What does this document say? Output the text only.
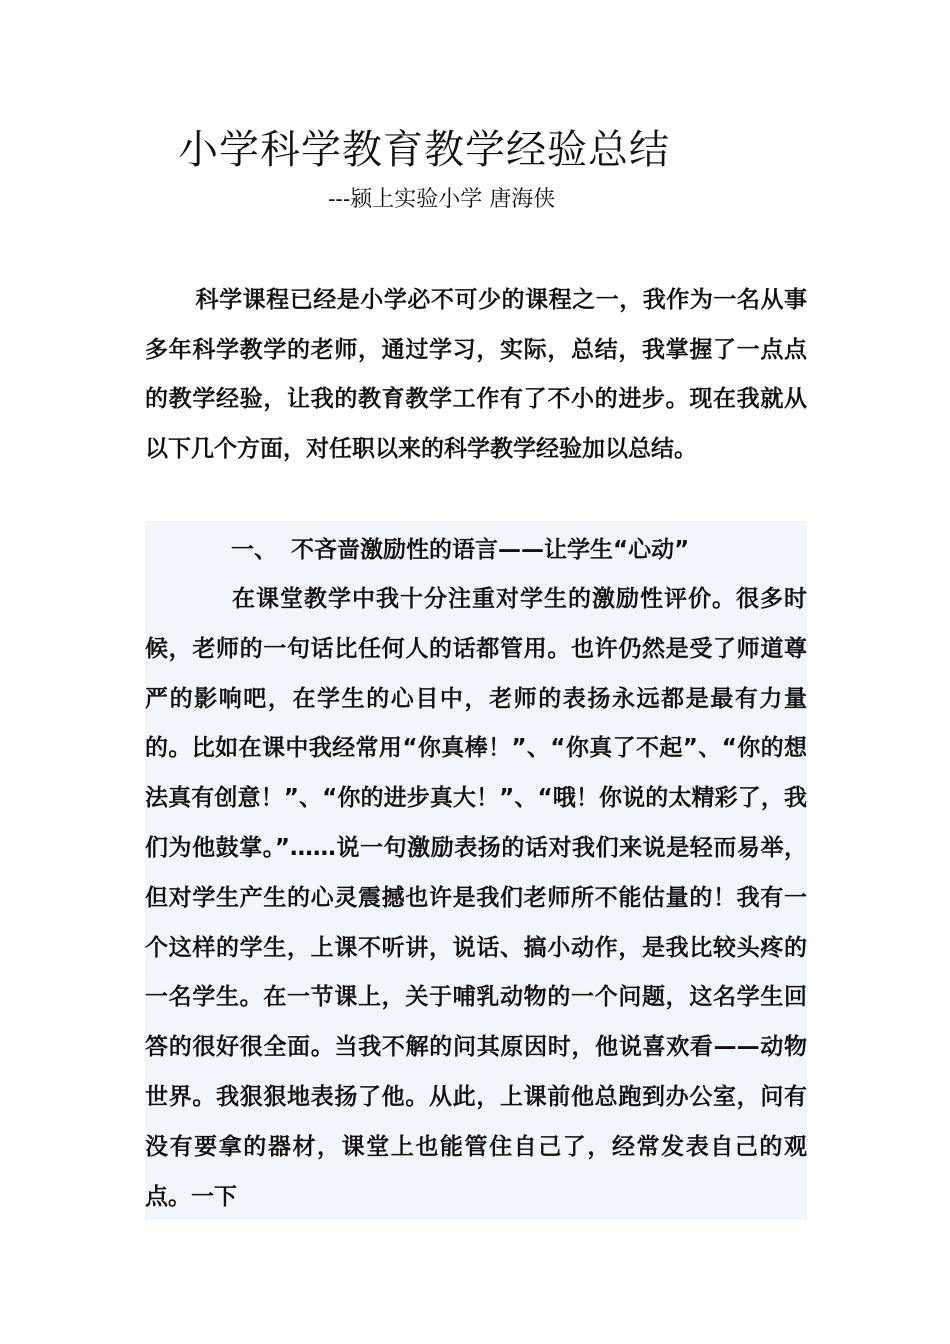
小学科学教育教学经验总结
---颍上实验小学 唐海侠

科学课程已经是小学必不可少的课程之一，我作为一名从事多年科学教学的老师，通过学习，实际，总结，我掌握了一点点的教学经验，让我的教育教学工作有了不小的进步。现在我就从以下几个方面，对任职以来的科学教学经验加以总结。

一、 不吝啬激励性的语言——让学生“心动”

在课堂教学中我十分注重对学生的激励性评价。很多时候，老师的一句话比任何人的话都管用。也许仍然是受了师道尊严的影响吧，在学生的心目中，老师的表扬永远都是最有力量的。比如在课中我经常用“你真棒！”、“你真了不起”、“你的想法真有创意！”、“你的进步真大！”、“哦！你说的太精彩了，我们为他鼓掌。”……说一句激励表扬的话对我们来说是轻而易举，但对学生产生的心灵震撼也许是我们老师所不能估量的！我有一个这样的学生，上课不听讲，说话、搞小动作，是我比较头疼的一名学生。在一节课上，关于哺乳动物的一个问题，这名学生回答的很好很全面。当我不解的问其原因时，他说喜欢看——动物世界。我狠狠地表扬了他。从此，上课前他总跑到办公室，问有没有要拿的器材，课堂上也能管住自己了，经常发表自己的观点。一下
